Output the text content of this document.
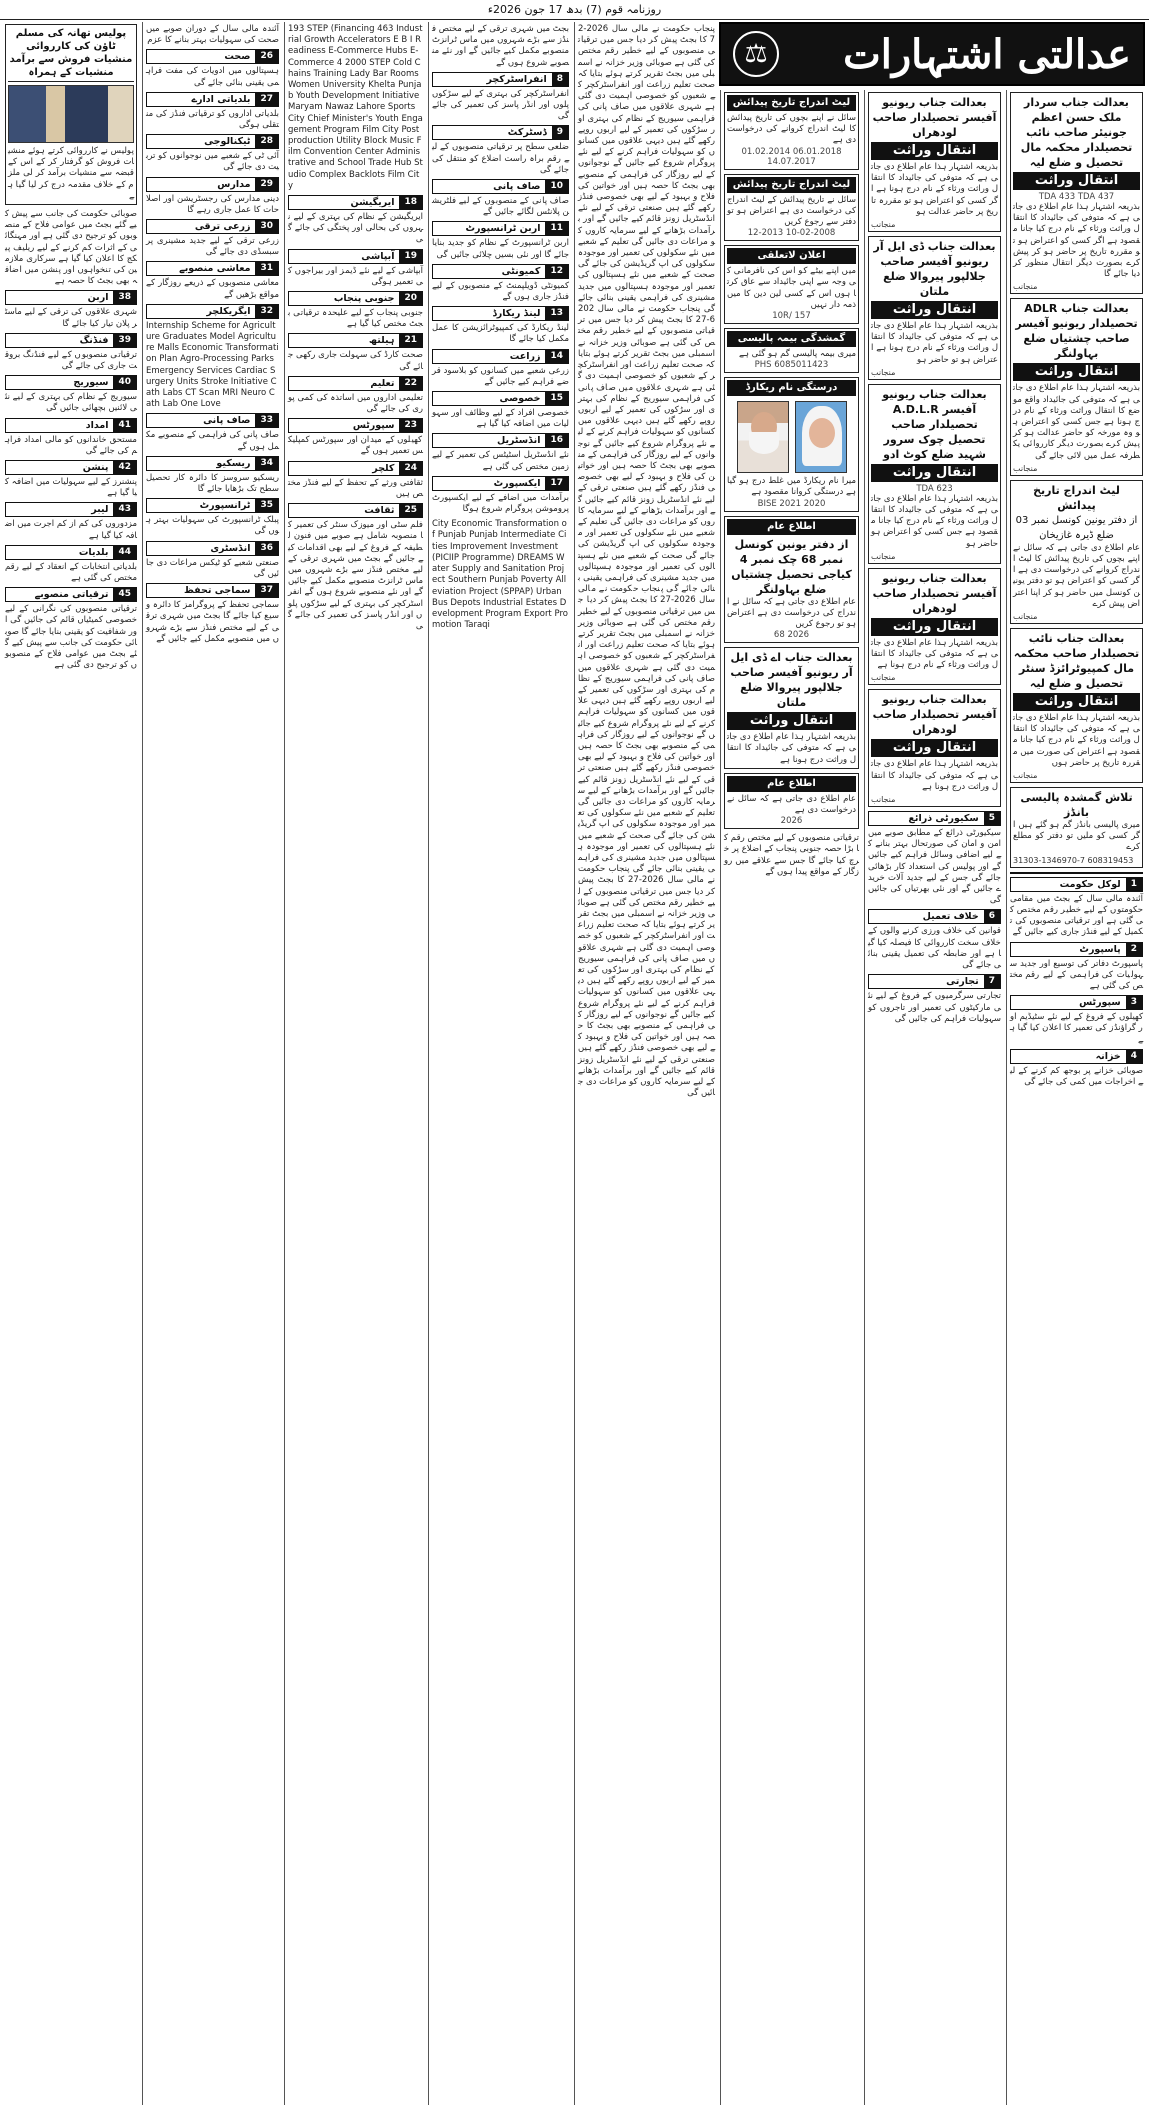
روزنامہ قوم (7) بدھ 17 جون 2026ء
عدالتی اشتہارات
⚖
بعدالت جناب سردار ملک حسن اعظم جونیئر صاحب نائب تحصیلدار محکمہ مال تحصیل و ضلع لیہ
انتقال وراثت
TDA 433 TDA 437
بذریعہ اشتہار ہذا عام اطلاع دی جاتی ہے کہ متوفی کی جائیداد کا انتقال وراثت ورثاء کے نام درج کیا جانا مقصود ہے اگر کسی کو اعتراض ہو تو مقررہ تاریخ پر حاضر ہو کر پیش کرے بصورت دیگر انتقال منظور کر دیا جائے گا
منجانب
بعدالت جناب ADLR تحصیلدار ریونیو آفیسر صاحب چشتیاں ضلع بہاولنگر
انتقال وراثت
بذریعہ اشتہار ہذا عام اطلاع دی جاتی ہے کہ متوفی کی جائیداد واقع موضع کا انتقال وراثت ورثاء کے نام درج ہونا ہے جس کسی کو اعتراض ہو وہ مورخہ کو حاضر عدالت ہو کر پیش کرے بصورت دیگر کارروائی یکطرفہ عمل میں لائی جائے گی
منجانب
لیٹ اندراج تاریخ پیدائش
از دفتر یونین کونسل نمبر 03 ضلع ڈیرہ غازیخان
عام اطلاع دی جاتی ہے کہ سائل نے اپنے بچوں کی تاریخ پیدائش کا لیٹ اندراج کروانے کی درخواست دی ہے اگر کسی کو اعتراض ہو تو دفتر یونین کونسل میں حاضر ہو کر اپنا اعتراض پیش کرے
منجانب
بعدالت جناب نائب تحصیلدار صاحب محکمہ مال کمپیوٹرائزڈ سنٹر تحصیل و ضلع لیہ
انتقال وراثت
بذریعہ اشتہار ہذا عام اطلاع دی جاتی ہے کہ متوفی کی جائیداد کا انتقال وراثت ورثاء کے نام درج کیا جانا مقصود ہے اعتراض کی صورت میں مقررہ تاریخ پر حاضر ہوں
منجانب
تلاش گمشدہ پالیسی بانڈز
میری پالیسی بانڈز گم ہو گئے ہیں اگر کسی کو ملیں تو دفتر کو مطلع کرے
608319453 31303-1346970-7
1
لوکل حکومت
آئندہ مالی سال کے بجٹ میں مقامی حکومتوں کے لیے خطیر رقم مختص کی گئی ہے اور ترقیاتی منصوبوں کی تکمیل کے لیے فنڈز جاری کیے جائیں گے
2
پاسپورٹ
پاسپورٹ دفاتر کی توسیع اور جدید سہولیات کی فراہمی کے لیے رقم مختص کی گئی ہے
3
سپورٹس
کھیلوں کے فروغ کے لیے نئے سٹیڈیم اور گراؤنڈز کی تعمیر کا اعلان کیا گیا ہے
4
خزانہ
صوبائی خزانے پر بوجھ کم کرنے کے لیے اخراجات میں کمی کی جائے گی
بعدالت جناب ریونیو آفیسر تحصیلدار صاحب لودھراں
انتقال وراثت
بذریعہ اشتہار ہذا عام اطلاع دی جاتی ہے کہ متوفی کی جائیداد کا انتقال وراثت ورثاء کے نام درج ہونا ہے اگر کسی کو اعتراض ہو تو مقررہ تاریخ پر حاضر عدالت ہو
منجانب
بعدالت جناب ڈی ایل آر ریونیو آفیسر صاحب جلالپور پیروالا ضلع ملتان
انتقال وراثت
بذریعہ اشتہار ہذا عام اطلاع دی جاتی ہے کہ متوفی کی جائیداد کا انتقال وراثت ورثاء کے نام درج ہونا ہے اعتراض ہو تو حاضر ہو
منجانب
بعدالت جناب ریونیو آفیسر A.D.L.R تحصیلدار صاحب تحصیل چوک سرور شہید ضلع کوٹ ادو
انتقال وراثت
TDA 623
بذریعہ اشتہار ہذا عام اطلاع دی جاتی ہے کہ متوفی کی جائیداد کا انتقال وراثت ورثاء کے نام درج کیا جانا مقصود ہے جس کسی کو اعتراض ہو حاضر ہو
منجانب
بعدالت جناب ریونیو آفیسر تحصیلدار صاحب لودھراں
انتقال وراثت
بذریعہ اشتہار ہذا عام اطلاع دی جاتی ہے کہ متوفی کی جائیداد کا انتقال وراثت ورثاء کے نام درج ہونا ہے
منجانب
بعدالت جناب ریونیو آفیسر تحصیلدار صاحب لودھراں
انتقال وراثت
بذریعہ اشتہار ہذا عام اطلاع دی جاتی ہے کہ متوفی کی جائیداد کا انتقال وراثت درج ہونا ہے
منجانب
5
سکیورٹی ذرائع
سیکیورٹی ذرائع کے مطابق صوبے میں امن و امان کی صورتحال بہتر بنانے کے لیے اضافی وسائل فراہم کیے جائیں گے اور پولیس کی استعداد کار بڑھائی جائے گی جس کے لیے جدید آلات خریدے جائیں گے اور نئی بھرتیاں کی جائیں گی
6
خلاف تعمیل
قوانین کی خلاف ورزی کرنے والوں کے خلاف سخت کارروائی کا فیصلہ کیا گیا ہے اور ضابطہ کی تعمیل یقینی بنائی جائے گی
7
تجارتی
تجارتی سرگرمیوں کے فروغ کے لیے نئی مارکیٹوں کی تعمیر اور تاجروں کو سہولیات فراہم کی جائیں گی
لیٹ اندراج تاریخ پیدائش
سائل نے اپنے بچوں کی تاریخ پیدائش کا لیٹ اندراج کروانے کی درخواست دی ہے
06.01.2018 01.02.2014 14.07.2017
لیٹ اندراج تاریخ پیدائش
سائل نے تاریخ پیدائش کے لیٹ اندراج کی درخواست دی ہے اعتراض ہو تو دفتر سے رجوع کریں
10-02-2008 12-2013
اعلان لاتعلقی
میں اپنے بیٹے کو اس کی نافرمانی کی وجہ سے اپنی جائیداد سے عاق کرتا ہوں اس کے کسی لین دین کا میں ذمہ دار نہیں
10R/ 157
گمشدگی بیمہ پالیسی
میری بیمہ پالیسی گم ہو گئی ہے
6085011423 PHS
درستگی نام ریکارڈ
میرا نام ریکارڈ میں غلط درج ہو گیا ہے درستگی کروانا مقصود ہے
BISE 2021 2020
اطلاع عام
از دفتر یونین کونسل نمبر 68 چک نمبر 4 کیاجی تحصیل چشتیاں ضلع بہاولنگر
عام اطلاع دی جاتی ہے کہ سائل نے اندراج کی درخواست دی ہے اعتراض ہو تو رجوع کریں
2026 68
بعدالت جناب اے ڈی ایل آر ریونیو آفیسر صاحب جلالپور پیروالا ضلع ملتان
انتقال وراثت
بذریعہ اشتہار ہذا عام اطلاع دی جاتی ہے کہ متوفی کی جائیداد کا انتقال وراثت درج ہونا ہے
اطلاع عام
عام اطلاع دی جاتی ہے کہ سائل نے درخواست دی ہے
2026
ترقیاتی منصوبوں کے لیے مختص رقم کا بڑا حصہ جنوبی پنجاب کے اضلاع پر خرچ کیا جائے گا جس سے علاقے میں روزگار کے مواقع پیدا ہوں گے
پنجاب حکومت نے مالی سال 2026-27 کا بجٹ پیش کر دیا جس میں ترقیاتی منصوبوں کے لیے خطیر رقم مختص کی گئی ہے صوبائی وزیر خزانہ نے اسمبلی میں بجٹ تقریر کرتے ہوئے بتایا کہ صحت تعلیم زراعت اور انفراسٹرکچر کے شعبوں کو خصوصی اہمیت دی گئی ہے شہری علاقوں میں صاف پانی کی فراہمی سیوریج کے نظام کی بہتری اور سڑکوں کی تعمیر کے لیے اربوں روپے رکھے گئے ہیں دیہی علاقوں میں کسانوں کو سہولیات فراہم کرنے کے لیے نئے پروگرام شروع کیے جائیں گے نوجوانوں کے لیے روزگار کی فراہمی کے منصوبے بھی بجٹ کا حصہ ہیں اور خواتین کی فلاح و بہبود کے لیے بھی خصوصی فنڈز رکھے گئے ہیں صنعتی ترقی کے لیے نئے انڈسٹریل زونز قائم کیے جائیں گے اور برآمدات بڑھانے کے لیے سرمایہ کاروں کو مراعات دی جائیں گی تعلیم کے شعبے میں نئے سکولوں کی تعمیر اور موجودہ سکولوں کی اپ گریڈیشن کی جائے گی صحت کے شعبے میں نئے ہسپتالوں کی تعمیر اور موجودہ ہسپتالوں میں جدید مشینری کی فراہمی یقینی بنائی جائے گی پنجاب حکومت نے مالی سال 2026-27 کا بجٹ پیش کر دیا جس میں ترقیاتی منصوبوں کے لیے خطیر رقم مختص کی گئی ہے صوبائی وزیر خزانہ نے اسمبلی میں بجٹ تقریر کرتے ہوئے بتایا کہ صحت تعلیم زراعت اور انفراسٹرکچر کے شعبوں کو خصوصی اہمیت دی گئی ہے شہری علاقوں میں صاف پانی کی فراہمی سیوریج کے نظام کی بہتری اور سڑکوں کی تعمیر کے لیے اربوں روپے رکھے گئے ہیں دیہی علاقوں میں کسانوں کو سہولیات فراہم کرنے کے لیے نئے پروگرام شروع کیے جائیں گے نوجوانوں کے لیے روزگار کی فراہمی کے منصوبے بھی بجٹ کا حصہ ہیں اور خواتین کی فلاح و بہبود کے لیے بھی خصوصی فنڈز رکھے گئے ہیں صنعتی ترقی کے لیے نئے انڈسٹریل زونز قائم کیے جائیں گے اور برآمدات بڑھانے کے لیے سرمایہ کاروں کو مراعات دی جائیں گی تعلیم کے شعبے میں نئے سکولوں کی تعمیر اور موجودہ سکولوں کی اپ گریڈیشن کی جائے گی صحت کے شعبے میں نئے ہسپتالوں کی تعمیر اور موجودہ ہسپتالوں میں جدید مشینری کی فراہمی یقینی بنائی جائے گی پنجاب حکومت نے مالی سال 2026-27 کا بجٹ پیش کر دیا جس میں ترقیاتی منصوبوں کے لیے خطیر رقم مختص کی گئی ہے صوبائی وزیر خزانہ نے اسمبلی میں بجٹ تقریر کرتے ہوئے بتایا کہ صحت تعلیم زراعت اور انفراسٹرکچر کے شعبوں کو خصوصی اہمیت دی گئی ہے شہری علاقوں میں صاف پانی کی فراہمی سیوریج کے نظام کی بہتری اور سڑکوں کی تعمیر کے لیے اربوں روپے رکھے گئے ہیں دیہی علاقوں میں کسانوں کو سہولیات فراہم کرنے کے لیے نئے پروگرام شروع کیے جائیں گے نوجوانوں کے لیے روزگار کی فراہمی کے منصوبے بھی بجٹ کا حصہ ہیں اور خواتین کی فلاح و بہبود کے لیے بھی خصوصی فنڈز رکھے گئے ہیں صنعتی ترقی کے لیے نئے انڈسٹریل زونز قائم کیے جائیں گے اور برآمدات بڑھانے کے لیے سرمایہ کاروں کو مراعات دی جائیں گی تعلیم کے شعبے میں نئے سکولوں کی تعمیر اور موجودہ سکولوں کی اپ گریڈیشن کی جائے گی صحت کے شعبے میں نئے ہسپتالوں کی تعمیر اور موجودہ ہسپتالوں میں جدید مشینری کی فراہمی یقینی بنائی جائے گی پنجاب حکومت نے مالی سال 2026-27 کا بجٹ پیش کر دیا جس میں ترقیاتی منصوبوں کے لیے خطیر رقم مختص کی گئی ہے صوبائی وزیر خزانہ نے اسمبلی میں بجٹ تقریر کرتے ہوئے بتایا کہ صحت تعلیم زراعت اور انفراسٹرکچر کے شعبوں کو خصوصی اہمیت دی گئی ہے شہری علاقوں میں صاف پانی کی فراہمی سیوریج کے نظام کی بہتری اور سڑکوں کی تعمیر کے لیے اربوں روپے رکھے گئے ہیں دیہی علاقوں میں کسانوں کو سہولیات فراہم کرنے کے لیے نئے پروگرام شروع کیے جائیں گے نوجوانوں کے لیے روزگار کی فراہمی کے منصوبے بھی بجٹ کا حصہ ہیں اور خواتین کی فلاح و بہبود کے لیے بھی خصوصی فنڈز رکھے گئے ہیں صنعتی ترقی کے لیے نئے انڈسٹریل زونز قائم کیے جائیں گے اور برآمدات بڑھانے کے لیے سرمایہ کاروں کو مراعات دی جائیں گی
بجٹ میں شہری ترقی کے لیے مختص فنڈز سے بڑے شہروں میں ماس ٹرانزٹ منصوبے مکمل کیے جائیں گے اور نئے منصوبے شروع ہوں گے
8
انفراسٹرکچر
انفراسٹرکچر کی بہتری کے لیے سڑکوں پلوں اور انڈر پاسز کی تعمیر کی جائے گی
9
ڈسٹرکٹ
ضلعی سطح پر ترقیاتی منصوبوں کے لیے رقم براہ راست اضلاع کو منتقل کی جائے گی
10
صاف پانی
صاف پانی کے منصوبوں کے لیے فلٹریشن پلانٹس لگائے جائیں گے
11
اربن ٹرانسپورٹ
اربن ٹرانسپورٹ کے نظام کو جدید بنایا جائے گا اور نئی بسیں چلائی جائیں گی
12
کمیونٹی
کمیونٹی ڈویلپمنٹ کے منصوبوں کے لیے فنڈز جاری ہوں گے
13
لینڈ ریکارڈ
لینڈ ریکارڈ کی کمپیوٹرائزیشن کا عمل مکمل کیا جائے گا
14
زراعت
زرعی شعبے میں کسانوں کو بلاسود قرضے فراہم کیے جائیں گے
15
خصوصی
خصوصی افراد کے لیے وظائف اور سہولیات میں اضافہ کیا گیا ہے
16
انڈسٹریل
نئے انڈسٹریل اسٹیٹس کی تعمیر کے لیے زمین مختص کی گئی ہے
17
ایکسپورٹ
برآمدات میں اضافے کے لیے ایکسپورٹ پروموشن پروگرام شروع ہوگا
City Economic Transformation of Punjab Punjab Intermediate Cities Improvement Investment (PICIIP Programme) DREAMS Water Supply and Sanitation Project Southern Punjab Poverty Alleviation Project (SPPAP) Urban Bus Depots Industrial Estates Development Program Export Promotion Taraqi
193 STEP (Financing 463 Industrial Growth Accelerators E B I Readiness E-Commerce Hubs E-Commerce 4 2000 STEP Cold Chains Training Lady Bar Rooms Women University Khelta Punjab Youth Development Initiative Maryam Nawaz Lahore Sports City Chief Minister's Youth Engagement Program Film City Postproduction Utility Block Music Film Convention Center Administrative and School Trade Hub Studio Complex Backlots Film City
18
ایریگیشن
ایریگیشن کے نظام کی بہتری کے لیے نہروں کی بحالی اور پختگی کی جائے گی
19
آبپاشی
آبپاشی کے لیے نئے ڈیمز اور بیراجوں کی تعمیر ہوگی
20
جنوبی پنجاب
جنوبی پنجاب کے لیے علیحدہ ترقیاتی بجٹ مختص کیا گیا ہے
21
ہیلتھ
صحت کارڈ کی سہولت جاری رکھی جائے گی
22
تعلیم
تعلیمی اداروں میں اساتذہ کی کمی پوری کی جائے گی
23
سپورٹس
کھیلوں کے میدان اور سپورٹس کمپلیکس تعمیر ہوں گے
24
کلچر
ثقافتی ورثے کے تحفظ کے لیے فنڈز مختص ہیں
25
ثقافت
فلم سٹی اور میوزک سنٹر کی تعمیر کا منصوبہ شامل ہے صوبے میں فنون لطیفہ کے فروغ کے لیے بھی اقدامات کیے جائیں گے بجٹ میں شہری ترقی کے لیے مختص فنڈز سے بڑے شہروں میں ماس ٹرانزٹ منصوبے مکمل کیے جائیں گے اور نئے منصوبے شروع ہوں گے انفراسٹرکچر کی بہتری کے لیے سڑکوں پلوں اور انڈر پاسز کی تعمیر کی جائے گی
آئندہ مالی سال کے دوران صوبے میں صحت کی سہولیات بہتر بنانے کا عزم
26
صحت
ہسپتالوں میں ادویات کی مفت فراہمی یقینی بنائی جائے گی
27
بلدیاتی ادارے
بلدیاتی اداروں کو ترقیاتی فنڈز کی منتقلی ہوگی
28
ٹیکنالوجی
آئی ٹی کے شعبے میں نوجوانوں کو تربیت دی جائے گی
29
مدارس
دینی مدارس کی رجسٹریشن اور اصلاحات کا عمل جاری رہے گا
30
زرعی ترقی
زرعی ترقی کے لیے جدید مشینری پر سبسڈی دی جائے گی
31
معاشی منصوبے
معاشی منصوبوں کے ذریعے روزگار کے مواقع بڑھیں گے
32
ایگریکلچر
Internship Scheme for Agriculture Graduates Model Agriculture Malls Economic Transformation Plan Agro-Processing Parks Emergency Services Cardiac Surgery Units Stroke Initiative Cath Labs CT Scan MRI Neuro Cath Lab One Love
33
صاف پانی
صاف پانی کی فراہمی کے منصوبے مکمل ہوں گے
34
ریسکیو
ریسکیو سروسز کا دائرہ کار تحصیل سطح تک بڑھایا جائے گا
35
ٹرانسپورٹ
پبلک ٹرانسپورٹ کی سہولیات بہتر ہوں گی
36
انڈسٹری
صنعتی شعبے کو ٹیکس مراعات دی جائیں گی
37
سماجی تحفظ
سماجی تحفظ کے پروگرامز کا دائرہ وسیع کیا جائے گا بجٹ میں شہری ترقی کے لیے مختص فنڈز سے بڑے شہروں میں منصوبے مکمل کیے جائیں گے
پولیس تھانہ کی مسلم ٹاؤن کی کارروائی منشیات فروش سے برآمد منشیات کے ہمراہ
پولیس نے کارروائی کرتے ہوئے منشیات فروش کو گرفتار کر کے اس کے قبضہ سے منشیات برآمد کر لی ملزم کے خلاف مقدمہ درج کر لیا گیا ہے
صوبائی حکومت کی جانب سے پیش کیے گئے بجٹ میں عوامی فلاح کے منصوبوں کو ترجیح دی گئی ہے اور مہنگائی کے اثرات کم کرنے کے لیے ریلیف پیکج کا اعلان کیا گیا ہے سرکاری ملازمین کی تنخواہوں اور پنشن میں اضافہ بھی بجٹ کا حصہ ہے
38
اربن
شہری علاقوں کی ترقی کے لیے ماسٹر پلان تیار کیا جائے گا
39
فنڈنگ
ترقیاتی منصوبوں کے لیے فنڈنگ بروقت جاری کی جائے گی
40
سیوریج
سیوریج کے نظام کی بہتری کے لیے نئی لائنیں بچھائی جائیں گی
41
امداد
مستحق خاندانوں کو مالی امداد فراہم کی جائے گی
42
پنشن
پنشنرز کے لیے سہولیات میں اضافہ کیا گیا ہے
43
لیبر
مزدوروں کی کم از کم اجرت میں اضافہ کیا گیا ہے
44
بلدیات
بلدیاتی انتخابات کے انعقاد کے لیے رقم مختص کی گئی ہے
45
ترقیاتی منصوبے
ترقیاتی منصوبوں کی نگرانی کے لیے خصوصی کمیٹیاں قائم کی جائیں گی اور شفافیت کو یقینی بنایا جائے گا صوبائی حکومت کی جانب سے پیش کیے گئے بجٹ میں عوامی فلاح کے منصوبوں کو ترجیح دی گئی ہے
